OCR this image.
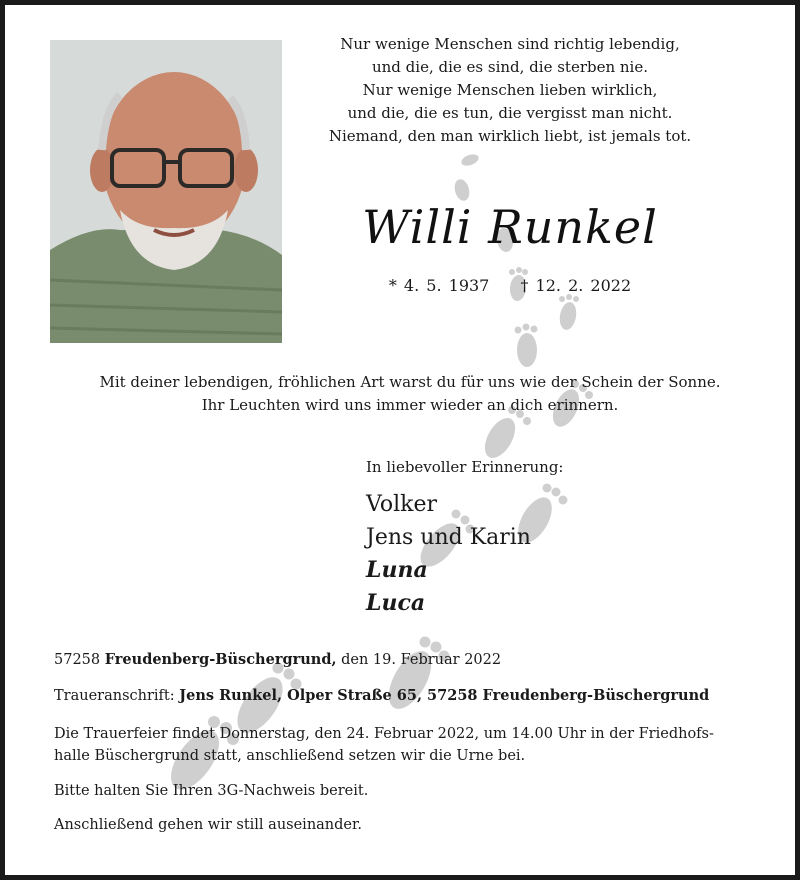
Nur wenige Menschen sind richtig lebendig,
und die, die es sind, die sterben nie.
Nur wenige Menschen lieben wirklich,
und die, die es tun, die vergisst man nicht.
Niemand, den man wirklich liebt, ist jemals tot.
Willi Runkel
* 4. 5. 1937 † 12. 2. 2022
Mit deiner lebendigen, fröhlichen Art warst du für uns wie der Schein der Sonne.
Ihr Leuchten wird uns immer wieder an dich erinnern.
In liebevoller Erinnerung:
Volker
Jens und Karin
Luna
Luca

57258 Freudenberg-Büschergrund, den 19. Februar 2022

Traueranschrift: Jens Runkel, Olper Straße 65, 57258 Freudenberg-Büschergrund

Die Trauerfeier findet Donnerstag, den 24. Februar 2022, um 14.00 Uhr in der Friedhofs-
halle Büschergrund statt, anschließend setzen wir die Urne bei.

Bitte halten Sie Ihren 3G-Nachweis bereit.

Anschließend gehen wir still auseinander.
